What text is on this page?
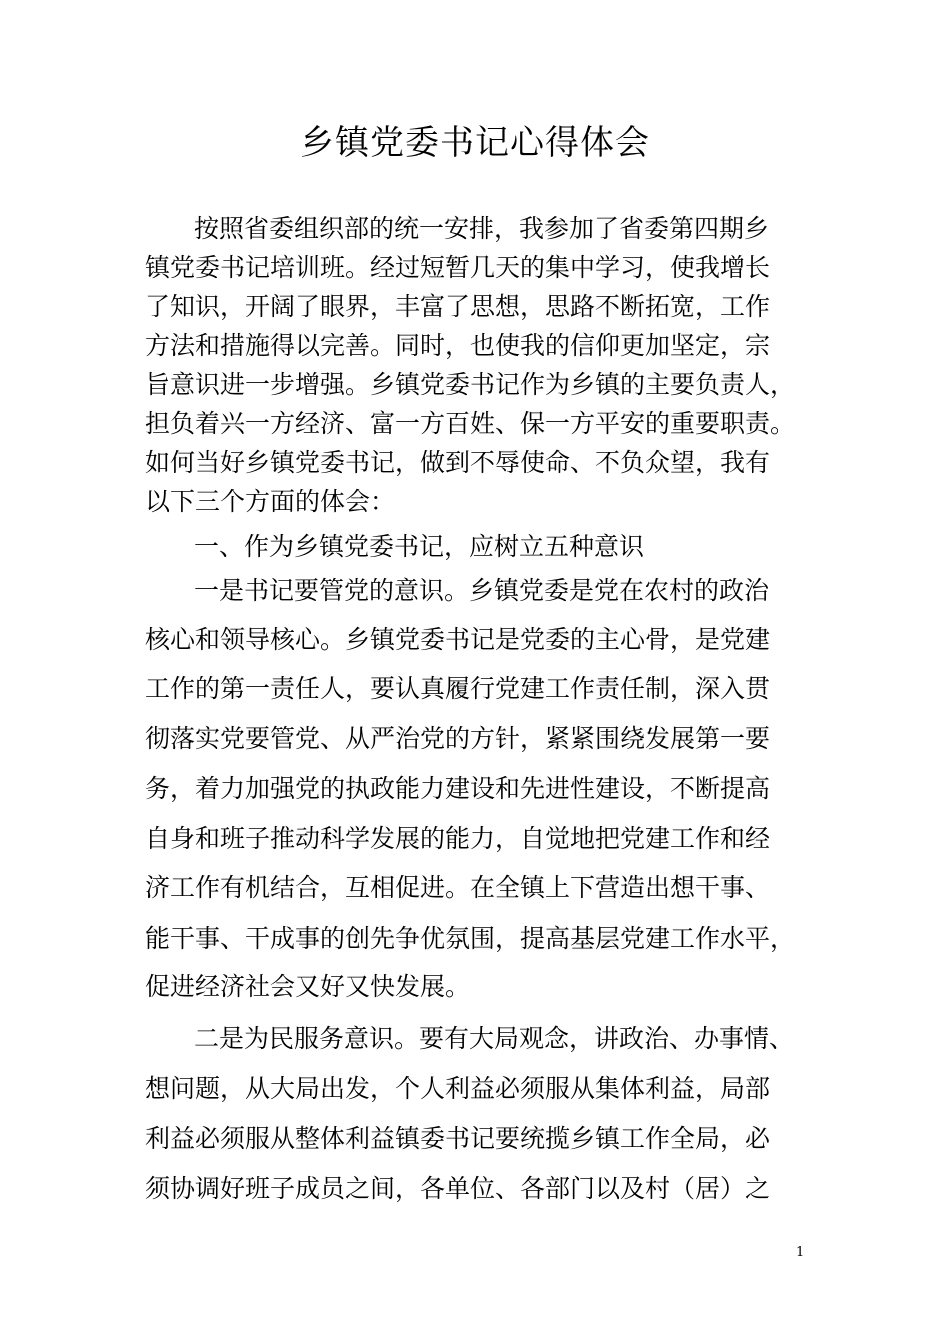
乡镇党委书记心得体会
按照省委组织部的统一安排，我参加了省委第四期乡
镇党委书记培训班。经过短暂几天的集中学习，使我增长
了知识，开阔了眼界，丰富了思想，思路不断拓宽，工作
方法和措施得以完善。同时，也使我的信仰更加坚定，宗
旨意识进一步增强。乡镇党委书记作为乡镇的主要负责人，
担负着兴一方经济、富一方百姓、保一方平安的重要职责。
如何当好乡镇党委书记，做到不辱使命、不负众望，我有
以下三个方面的体会：
一、作为乡镇党委书记，应树立五种意识
一是书记要管党的意识。乡镇党委是党在农村的政治
核心和领导核心。乡镇党委书记是党委的主心骨，是党建
工作的第一责任人，要认真履行党建工作责任制，深入贯
彻落实党要管党、从严治党的方针，紧紧围绕发展第一要
务，着力加强党的执政能力建设和先进性建设，不断提高
自身和班子推动科学发展的能力，自觉地把党建工作和经
济工作有机结合，互相促进。在全镇上下营造出想干事、
能干事、干成事的创先争优氛围，提高基层党建工作水平，
促进经济社会又好又快发展。
二是为民服务意识。要有大局观念，讲政治、办事情、
想问题，从大局出发，个人利益必须服从集体利益，局部
利益必须服从整体利益镇委书记要统揽乡镇工作全局，必
须协调好班子成员之间，各单位、各部门以及村（居）之
1
